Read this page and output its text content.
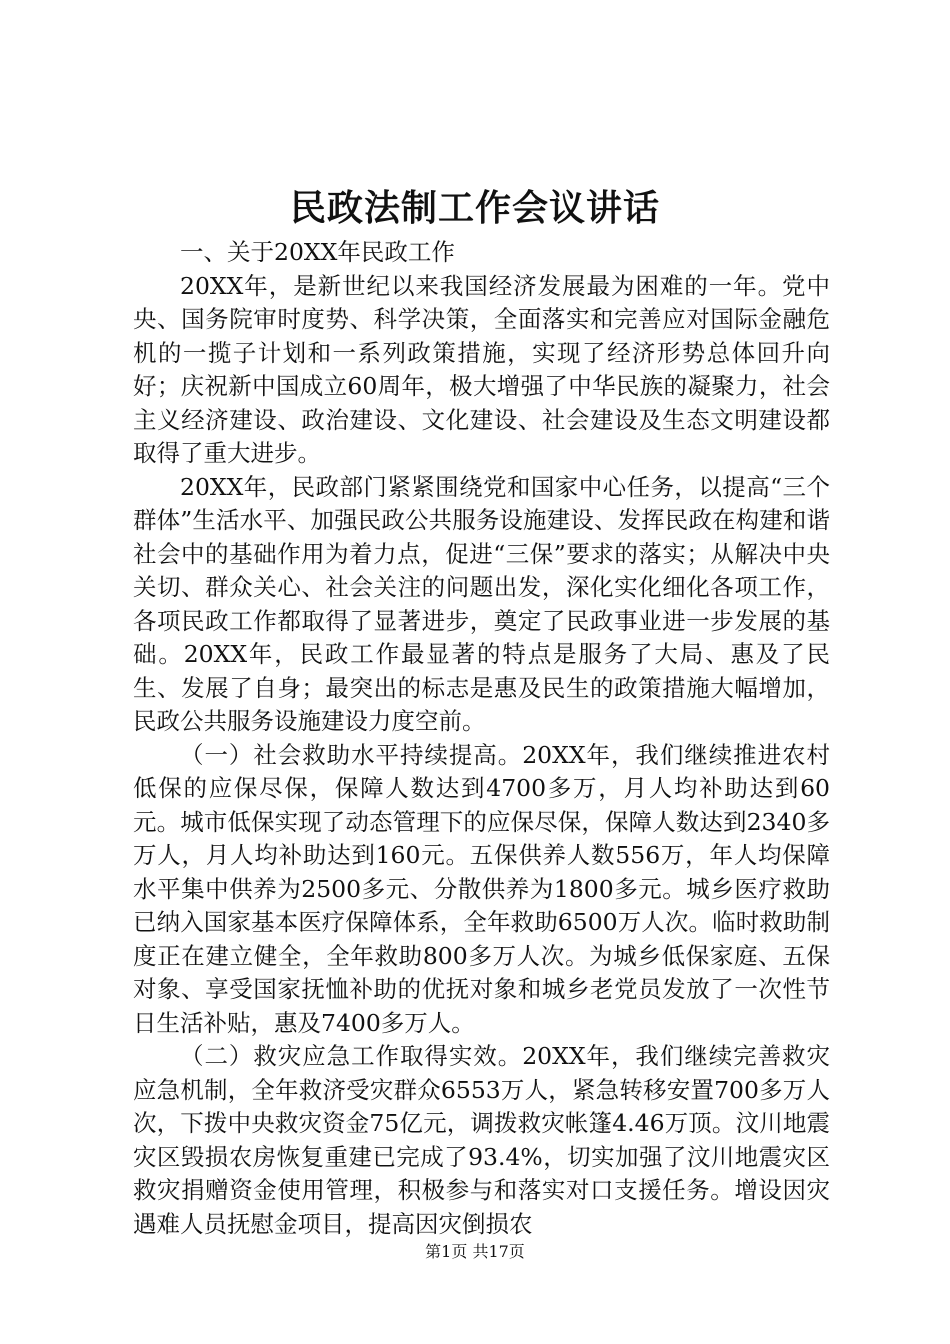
民政法制工作会议讲话

一、关于20XX年民政工作

20XX年，是新世纪以来我国经济发展最为困难的一年。党中央、国务院审时度势、科学决策，全面落实和完善应对国际金融危机的一揽子计划和一系列政策措施，实现了经济形势总体回升向好；庆祝新中国成立60周年，极大增强了中华民族的凝聚力，社会主义经济建设、政治建设、文化建设、社会建设及生态文明建设都取得了重大进步。

20XX年，民政部门紧紧围绕党和国家中心任务，以提高“三个群体”生活水平、加强民政公共服务设施建设、发挥民政在构建和谐社会中的基础作用为着力点，促进“三保”要求的落实；从解决中央关切、群众关心、社会关注的问题出发，深化实化细化各项工作，各项民政工作都取得了显著进步，奠定了民政事业进一步发展的基础。20XX年，民政工作最显著的特点是服务了大局、惠及了民生、发展了自身；最突出的标志是惠及民生的政策措施大幅增加，民政公共服务设施建设力度空前。

（一）社会救助水平持续提高。20XX年，我们继续推进农村低保的应保尽保，保障人数达到4700多万，月人均补助达到60元。城市低保实现了动态管理下的应保尽保，保障人数达到2340多万人，月人均补助达到160元。五保供养人数556万，年人均保障水平集中供养为2500多元、分散供养为1800多元。城乡医疗救助已纳入国家基本医疗保障体系，全年救助6500万人次。临时救助制度正在建立健全，全年救助800多万人次。为城乡低保家庭、五保对象、享受国家抚恤补助的优抚对象和城乡老党员发放了一次性节日生活补贴，惠及7400多万人。

（二）救灾应急工作取得实效。20XX年，我们继续完善救灾应急机制，全年救济受灾群众6553万人，紧急转移安置700多万人次，下拨中央救灾资金75亿元，调拨救灾帐篷4.46万顶。汶川地震灾区毁损农房恢复重建已完成了93.4%，切实加强了汶川地震灾区救灾捐赠资金使用管理，积极参与和落实对口支援任务。增设因灾遇难人员抚慰金项目，提高因灾倒损农

第1页 共17页
